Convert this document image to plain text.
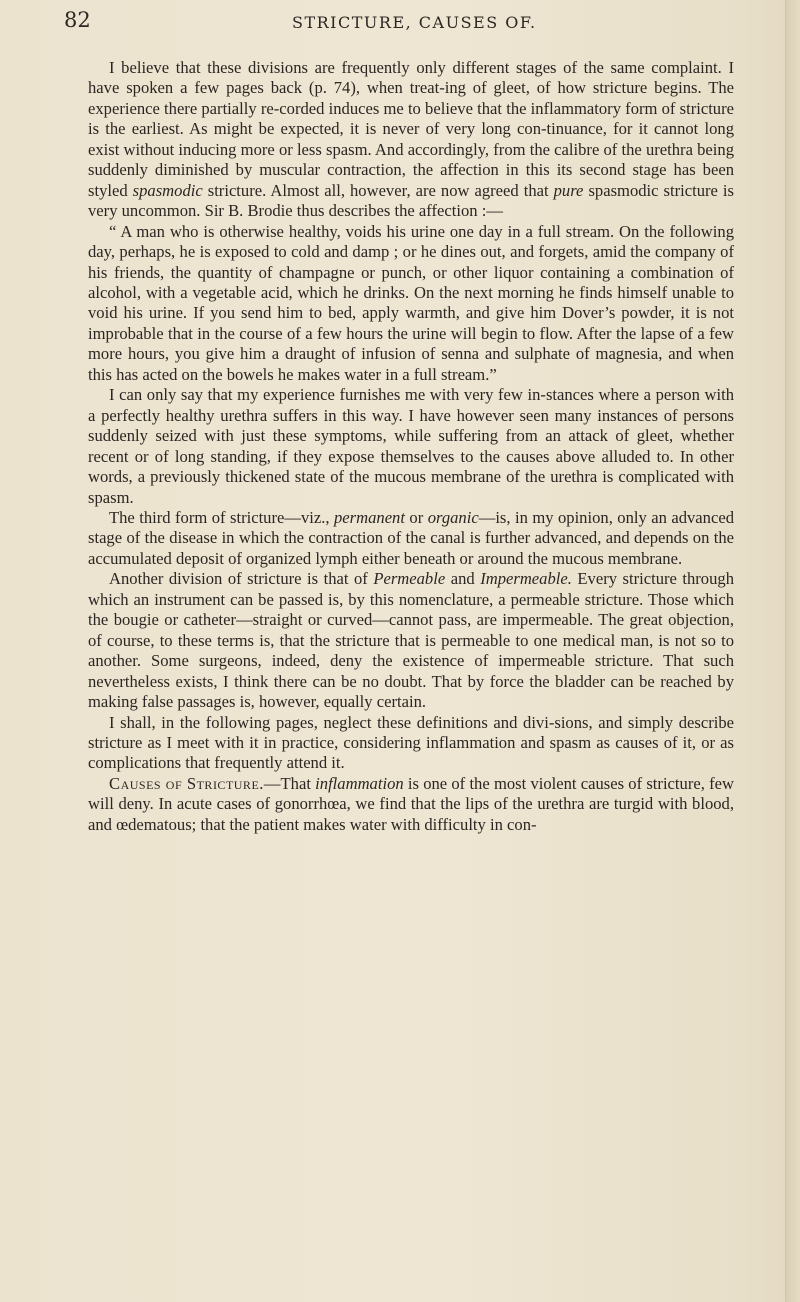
82	STRICTURE, CAUSES OF.

I believe that these divisions are frequently only different stages of the same complaint. I have spoken a few pages back (p. 74), when treat-ing of gleet, of how stricture begins. The experience there partially re-corded induces me to believe that the inflammatory form of stricture is the earliest. As might be expected, it is never of very long con-tinuance, for it cannot long exist without inducing more or less spasm. And accordingly, from the calibre of the urethra being suddenly diminished by muscular contraction, the affection in this its second stage has been styled spasmodic stricture. Almost all, however, are now agreed that pure spasmodic stricture is very uncommon. Sir B. Brodie thus describes the affection :—

“ A man who is otherwise healthy, voids his urine one day in a full stream. On the following day, perhaps, he is exposed to cold and damp ; or he dines out, and forgets, amid the company of his friends, the quantity of champagne or punch, or other liquor containing a combination of alcohol, with a vegetable acid, which he drinks. On the next morning he finds himself unable to void his urine. If you send him to bed, apply warmth, and give him Dover’s powder, it is not improbable that in the course of a few hours the urine will begin to flow. After the lapse of a few more hours, you give him a draught of infusion of senna and sulphate of magnesia, and when this has acted on the bowels he makes water in a full stream.”

I can only say that my experience furnishes me with very few in-stances where a person with a perfectly healthy urethra suffers in this way. I have however seen many instances of persons suddenly seized with just these symptoms, while suffering from an attack of gleet, whether recent or of long standing, if they expose themselves to the causes above alluded to. In other words, a previously thickened state of the mucous membrane of the urethra is complicated with spasm.

The third form of stricture—viz., permanent or organic—is, in my opinion, only an advanced stage of the disease in which the contraction of the canal is further advanced, and depends on the accumulated deposit of organized lymph either beneath or around the mucous membrane.

Another division of stricture is that of Permeable and Impermeable. Every stricture through which an instrument can be passed is, by this nomenclature, a permeable stricture. Those which the bougie or catheter—straight or curved—cannot pass, are impermeable. The great objection, of course, to these terms is, that the stricture that is permeable to one medical man, is not so to another. Some surgeons, indeed, deny the existence of impermeable stricture. That such nevertheless exists, I think there can be no doubt. That by force the bladder can be reached by making false passages is, however, equally certain.

I shall, in the following pages, neglect these definitions and divi-sions, and simply describe stricture as I meet with it in practice, considering inflammation and spasm as causes of it, or as complications that frequently attend it.

Causes of Stricture.—That inflammation is one of the most violent causes of stricture, few will deny. In acute cases of gonorrhœa, we find that the lips of the urethra are turgid with blood, and œdematous; that the patient makes water with difficulty in con-
